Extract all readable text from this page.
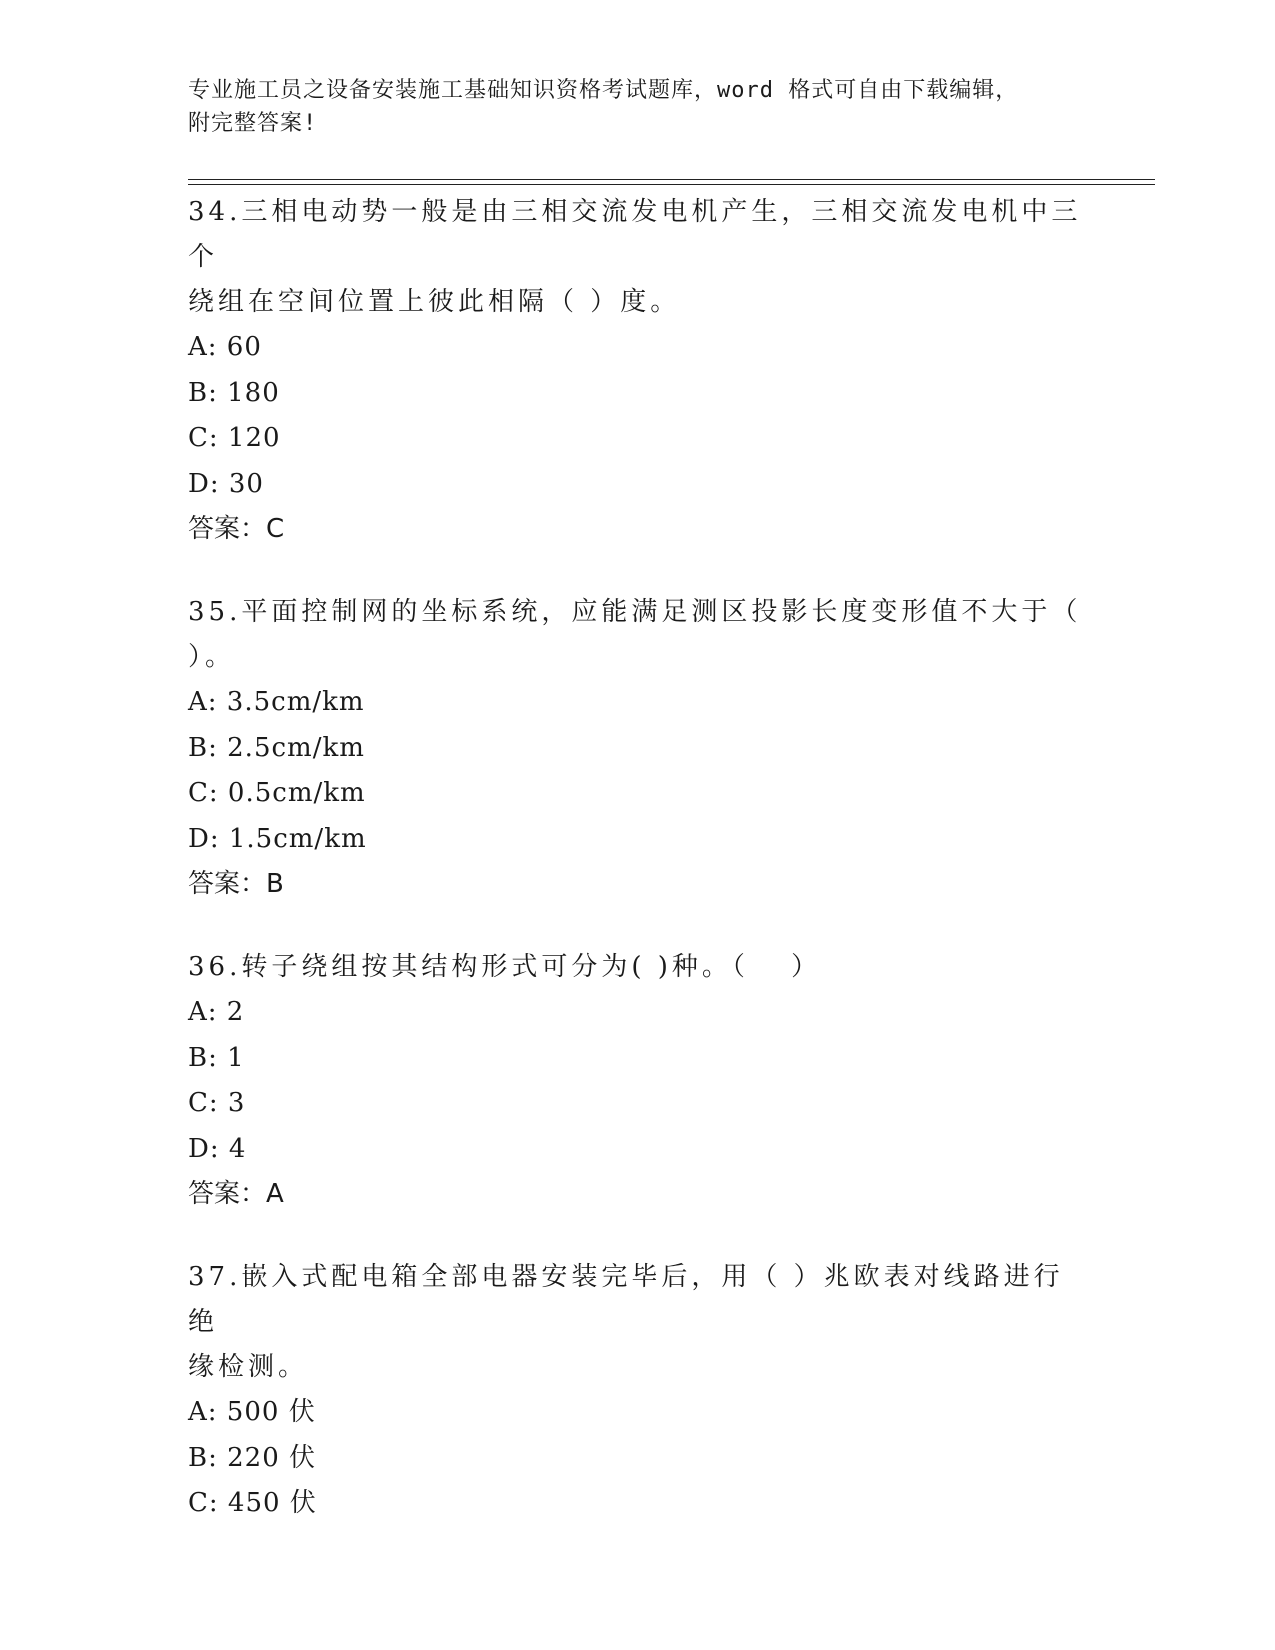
专业施工员之设备安装施工基础知识资格考试题库，word 格式可自由下载编辑，
附完整答案!

34.三相电动势一般是由三相交流发电机产生，三相交流发电机中三个

绕组在空间位置上彼此相隔（ ）度。

A: 60

B: 180

C: 120

D: 30

答案：C

35.平面控制网的坐标系统，应能满足测区投影长度变形值不大于（

）。

A: 3.5cm/km

B: 2.5cm/km

C: 0.5cm/km

D: 1.5cm/km

答案：B

36.转子绕组按其结构形式可分为( )种。（　 ）

A: 2

B: 1

C: 3

D: 4

答案：A

37.嵌入式配电箱全部电器安装完毕后，用（ ）兆欧表对线路进行绝

缘检测。

A: 500 伏

B: 220 伏

C: 450 伏
